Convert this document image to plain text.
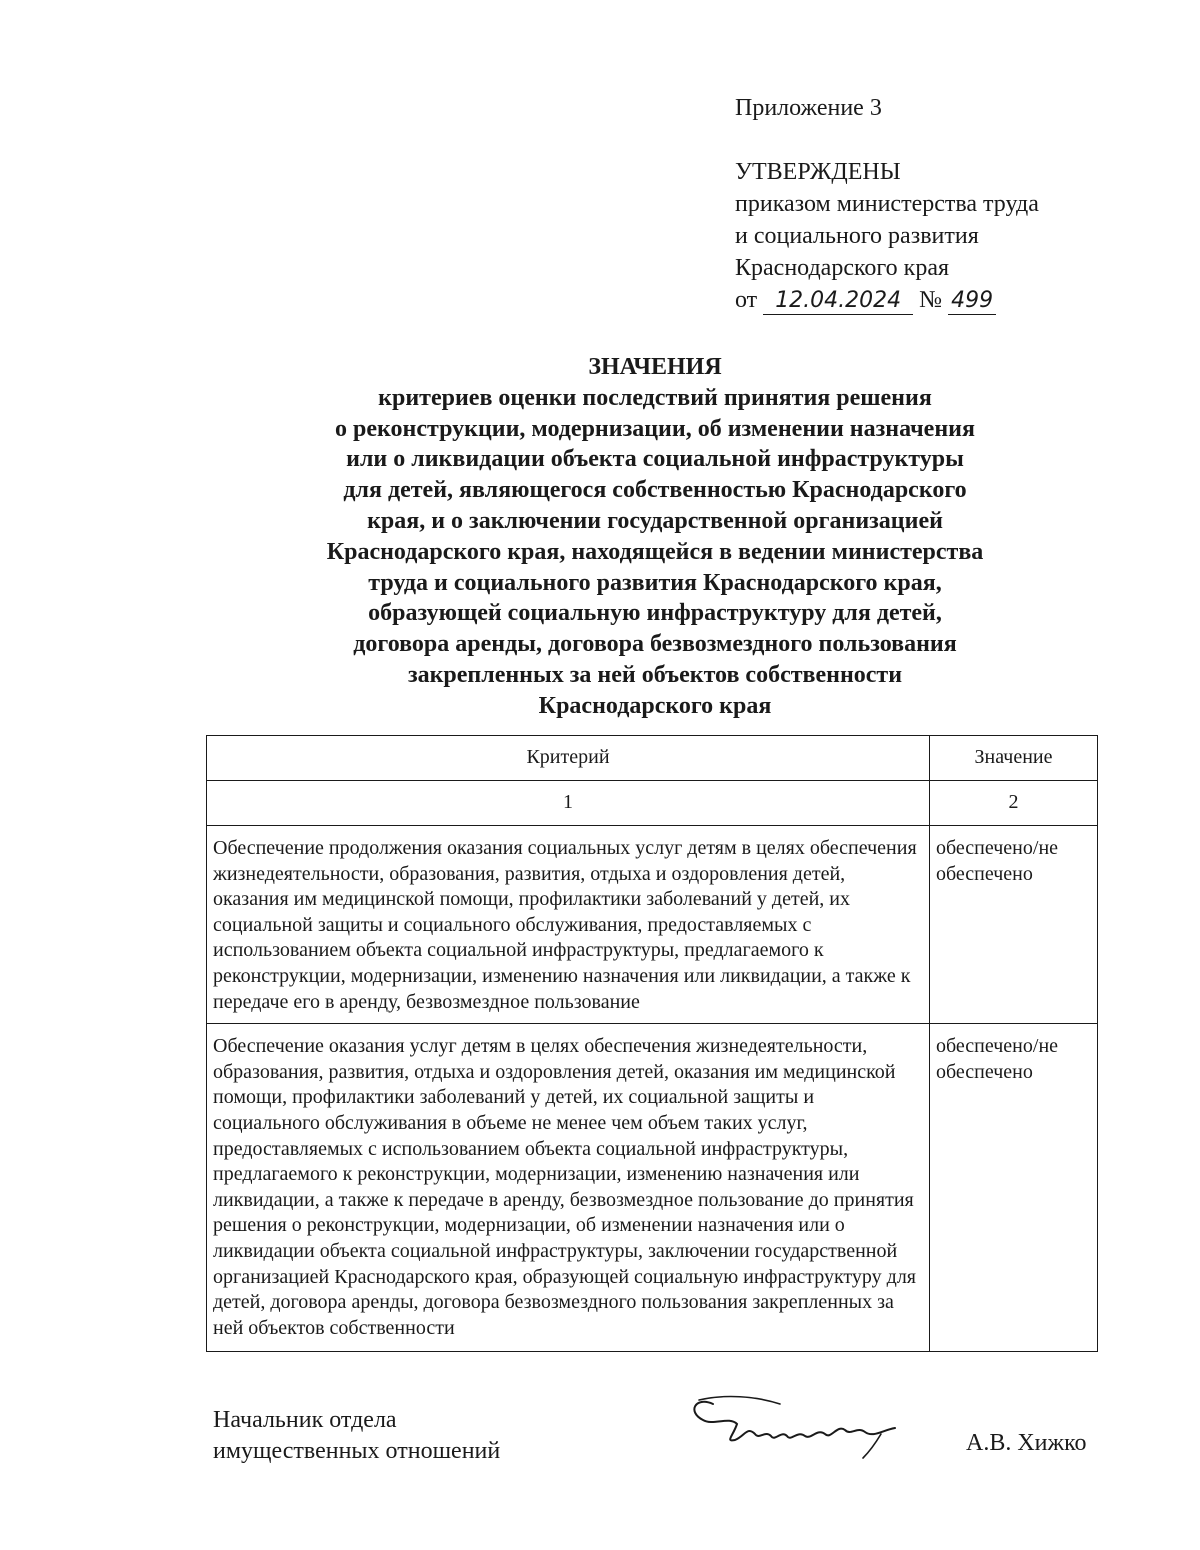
Приложение 3
УТВЕРЖДЕНЫ
приказом министерства труда
и социального развития
Краснодарского края
от 12.04.2024 № 499
ЗНАЧЕНИЯ
критериев оценки последствий принятия решения
о реконструкции, модернизации, об изменении назначения
или о ликвидации объекта социальной инфраструктуры
для детей, являющегося собственностью Краснодарского
края, и о заключении государственной организацией
Краснодарского края, находящейся в ведении министерства
труда и социального развития Краснодарского края,
образующей социальную инфраструктуру для детей,
договора аренды, договора безвозмездного пользования
закрепленных за ней объектов собственности
Краснодарского края
Критерий	Значение
1	2
Обеспечение продолжения оказания социальных услуг детям в целях обеспечения жизнедеятельности, образования, развития, отдыха и оздоровления детей, оказания им медицинской помощи, профилактики заболеваний у детей, их социальной защиты и социального обслуживания, предоставляемых с использованием объекта социальной инфраструктуры, предлагаемого к реконструкции, модернизации, изменению назначения или ликвидации, а также к передаче его в аренду, безвозмездное пользование	обеспечено/не обеспечено
Обеспечение оказания услуг детям в целях обеспечения жизнедеятельности, образования, развития, отдыха и оздоровления детей, оказания им медицинской помощи, профилактики заболеваний у детей, их социальной защиты и социального обслуживания в объеме не менее чем объем таких услуг, предоставляемых с использованием объекта социальной инфраструктуры, предлагаемого к реконструкции, модернизации, изменению назначения или ликвидации, а также к передаче в аренду, безвозмездное пользование до принятия решения о реконструкции, модернизации, об изменении назначения или о ликвидации объекта социальной инфраструктуры, заключении государственной организацией Краснодарского края, образующей социальную инфраструктуру для детей, договора аренды, договора безвозмездного пользования закрепленных за ней объектов собственности	обеспечено/не обеспечено
Начальник отдела
имущественных отношений	А.В. Хижко
